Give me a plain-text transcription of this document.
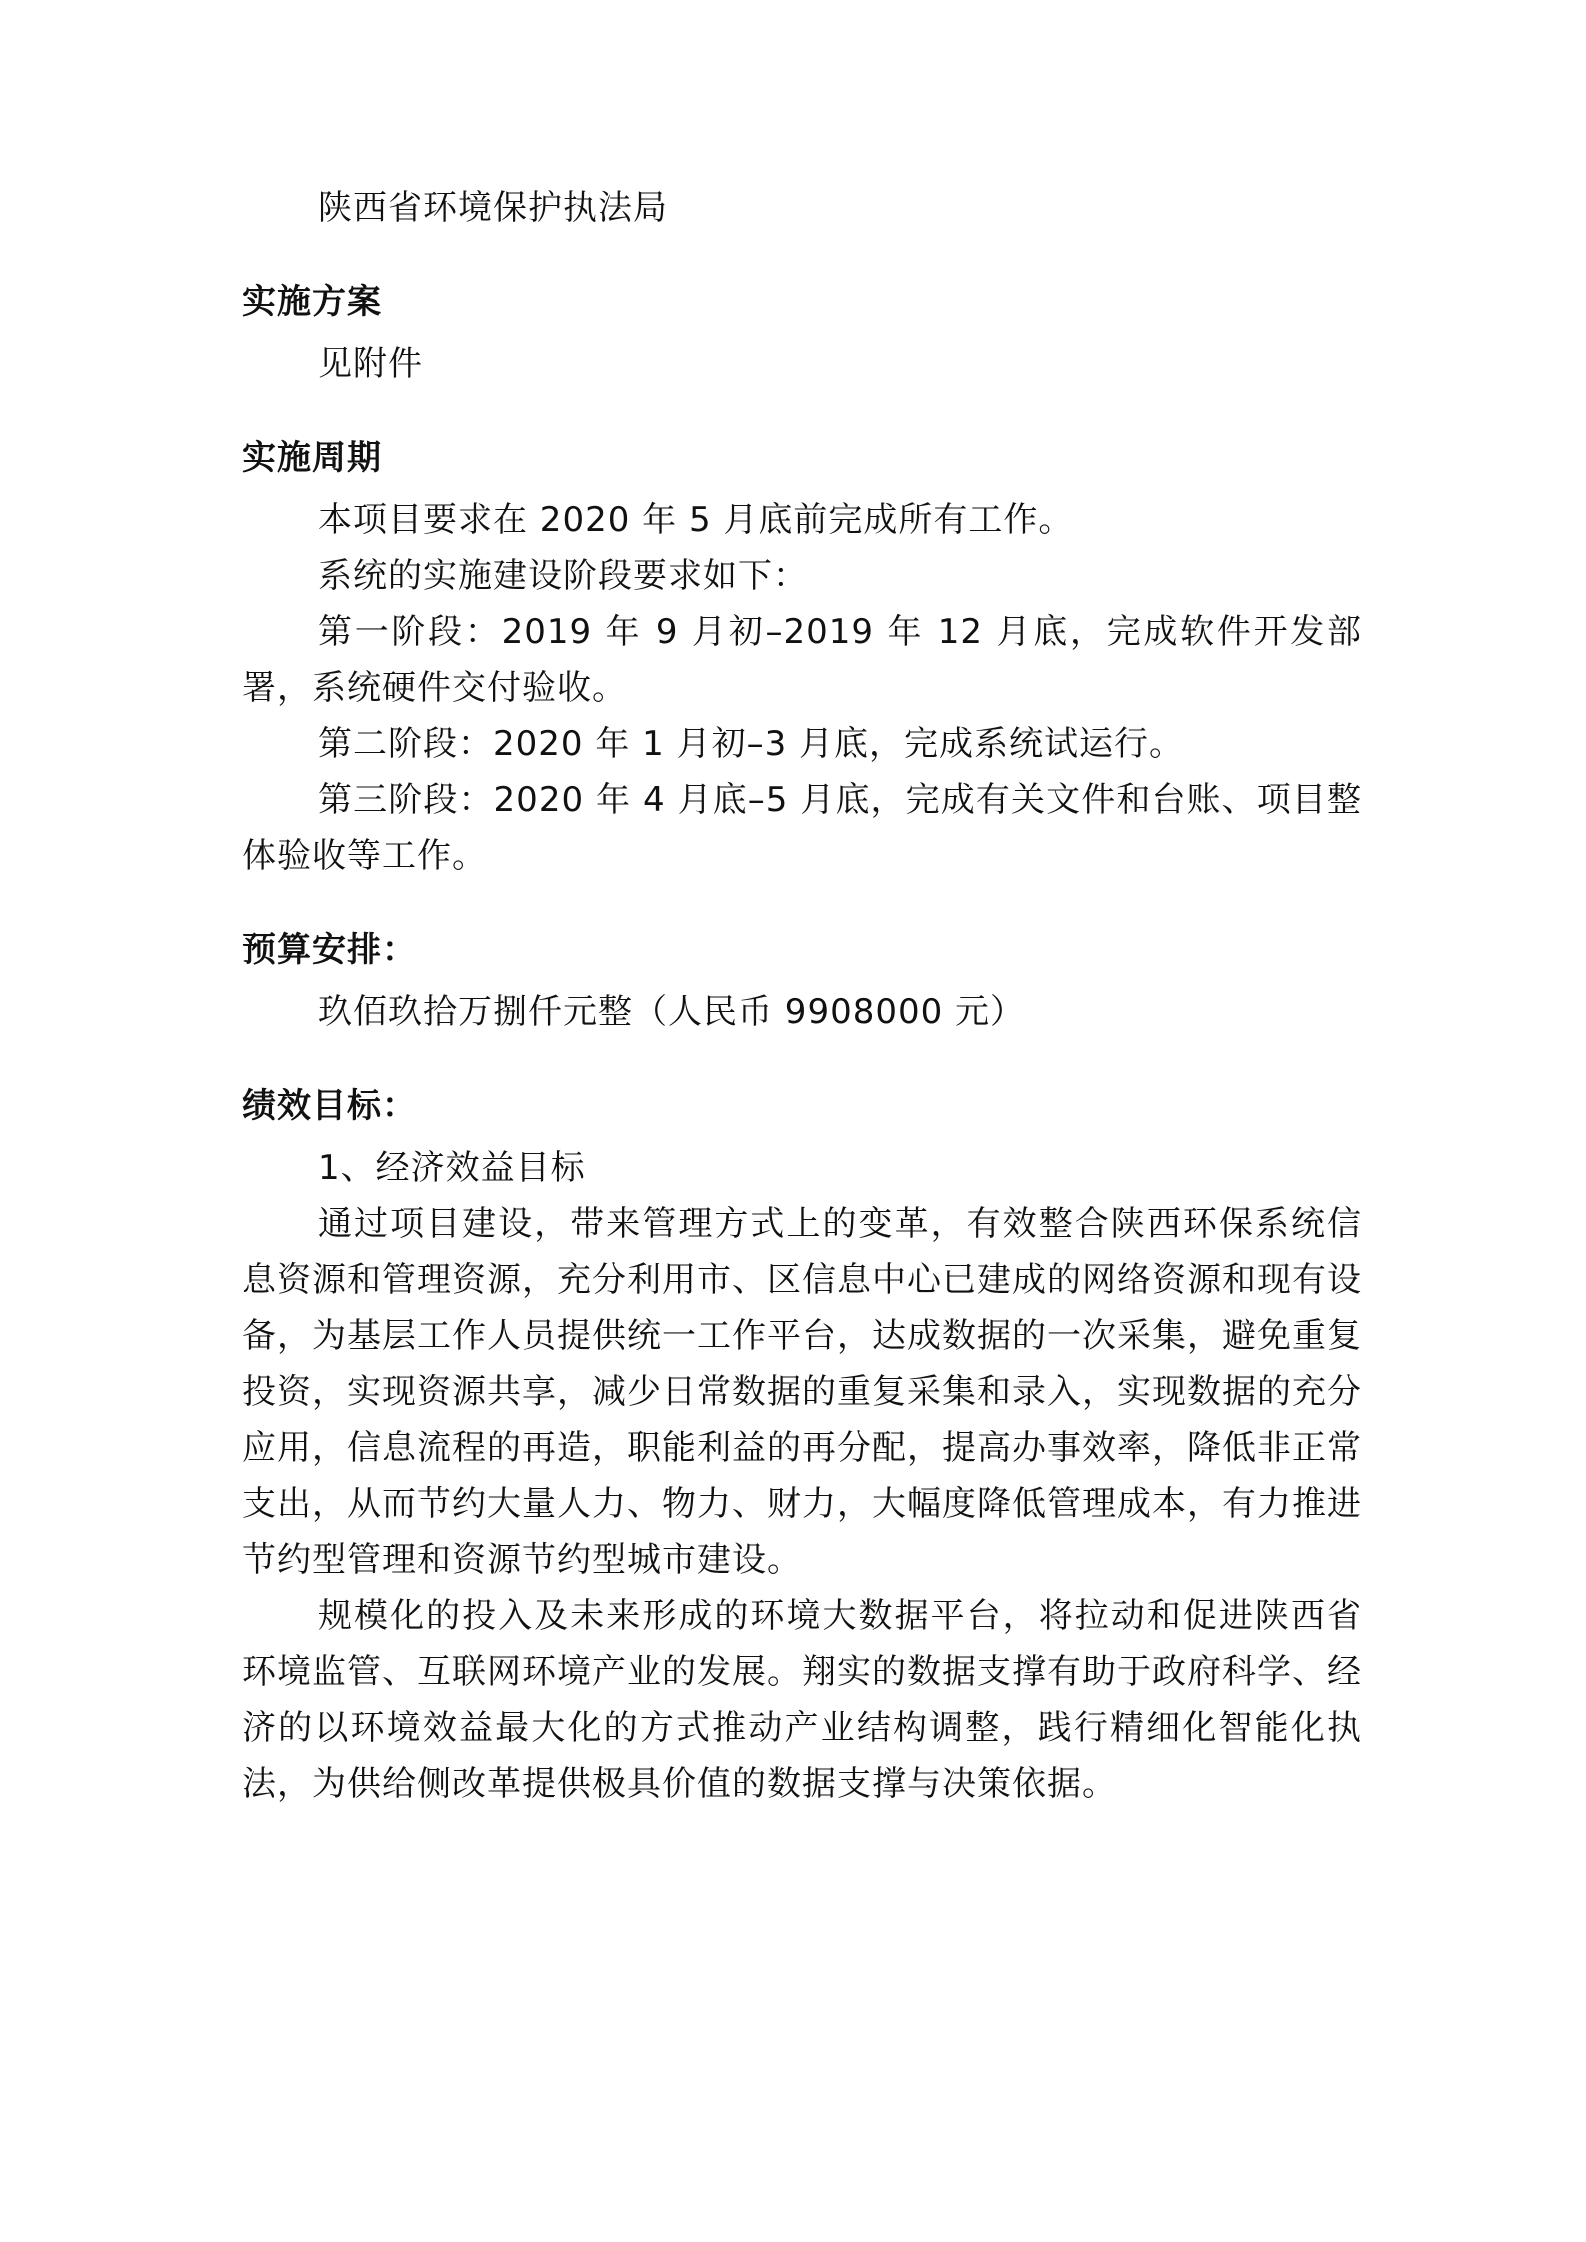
陕西省环境保护执法局

实施方案

见附件

实施周期

本项目要求在 2020 年 5 月底前完成所有工作。

系统的实施建设阶段要求如下：

第一阶段：2019 年 9 月初–2019 年 12 月底，完成软件开发部署，系统硬件交付验收。

第二阶段：2020 年 1 月初–3 月底，完成系统试运行。

第三阶段：2020 年 4 月底–5 月底，完成有关文件和台账、项目整体验收等工作。

预算安排：

玖佰玖拾万捌仟元整（人民币 9908000 元）

绩效目标：

1、经济效益目标

通过项目建设，带来管理方式上的变革，有效整合陕西环保系统信息资源和管理资源，充分利用市、区信息中心已建成的网络资源和现有设备，为基层工作人员提供统一工作平台，达成数据的一次采集，避免重复投资，实现资源共享，减少日常数据的重复采集和录入，实现数据的充分应用，信息流程的再造，职能利益的再分配，提高办事效率，降低非正常支出，从而节约大量人力、物力、财力，大幅度降低管理成本，有力推进节约型管理和资源节约型城市建设。

规模化的投入及未来形成的环境大数据平台，将拉动和促进陕西省环境监管、互联网环境产业的发展。翔实的数据支撑有助于政府科学、经济的以环境效益最大化的方式推动产业结构调整，践行精细化智能化执法，为供给侧改革提供极具价值的数据支撑与决策依据。
